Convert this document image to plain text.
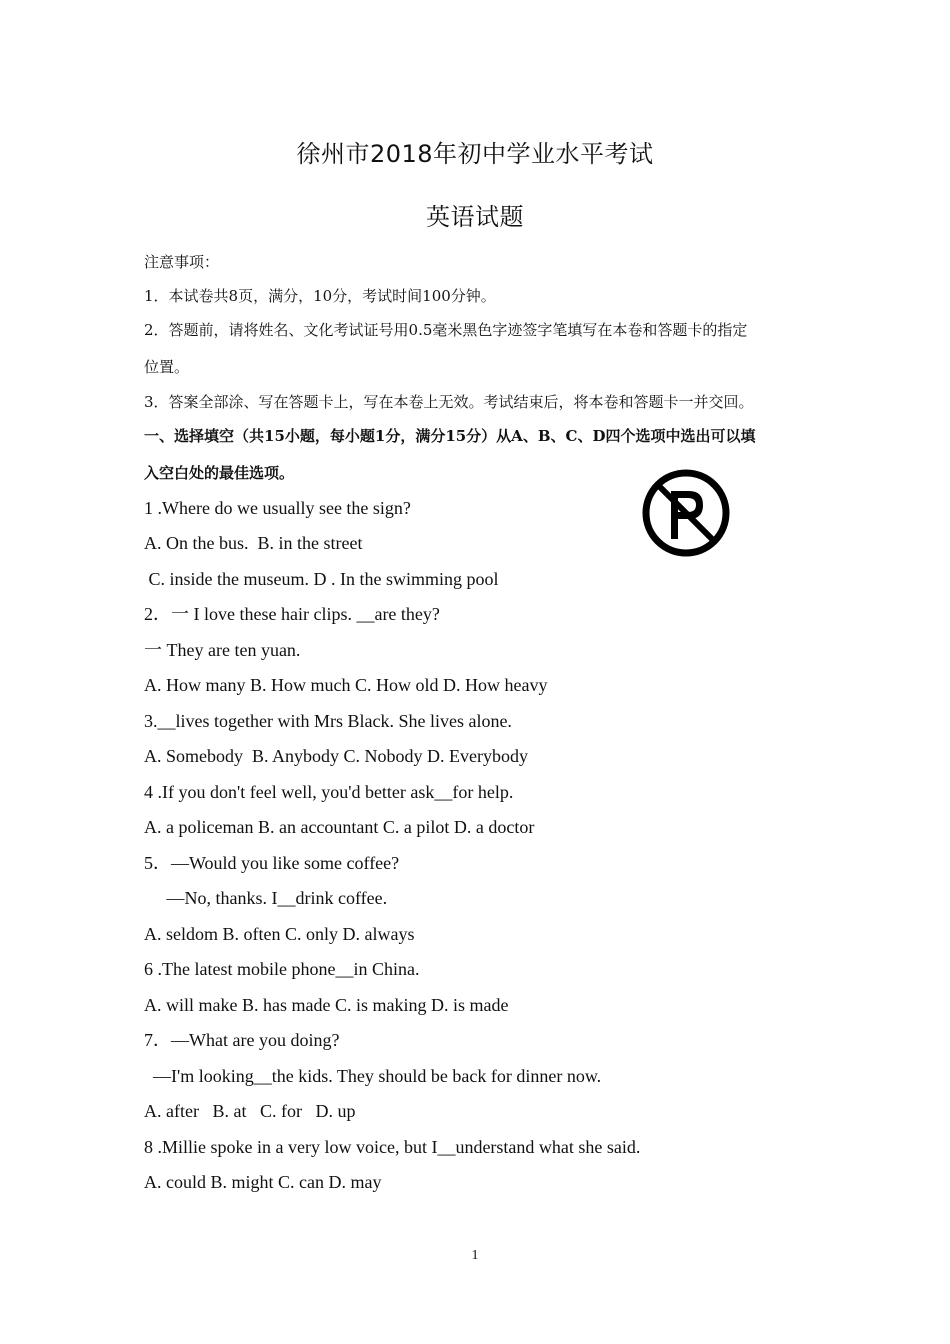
徐州市2018年初中学业水平考试
英语试题
注意事项：
1．本试卷共8页，满分，10分，考试时间100分钟。
2．答题前，请将姓名、文化考试证号用0.5毫米黑色字迹签字笔填写在本卷和答题卡的指定
位置。
3．答案全部涂、写在答题卡上，写在本卷上无效。考试结束后，将本卷和答题卡一并交回。
一、选择填空（共15小题，每小题1分，满分15分）从A、B、C、D四个选项中选出可以填
入空白处的最佳选项。
1 .Where do we usually see the sign?
A. On the bus.  B. in the street
C. inside the museum. D . In the swimming pool
2．一 I love these hair clips. __are they?
一 They are ten yuan.
A. How many B. How much C. How old D. How heavy
3.__lives together with Mrs Black. She lives alone.
A. Somebody  B. Anybody C. Nobody D. Everybody
4 .If you don't feel well, you'd better ask__for help.
A. a policeman B. an accountant C. a pilot D. a doctor
5．—Would you like some coffee?
—No, thanks. I__drink coffee.
A. seldom B. often C. only D. always
6 .The latest mobile phone__in China.
A. will make B. has made C. is making D. is made
7．—What are you doing?
—I'm looking__the kids. They should be back for dinner now.
A. after   B. at   C. for   D. up
8 .Millie spoke in a very low voice, but I__understand what she said.
A. could B. might C. can D. may
1
